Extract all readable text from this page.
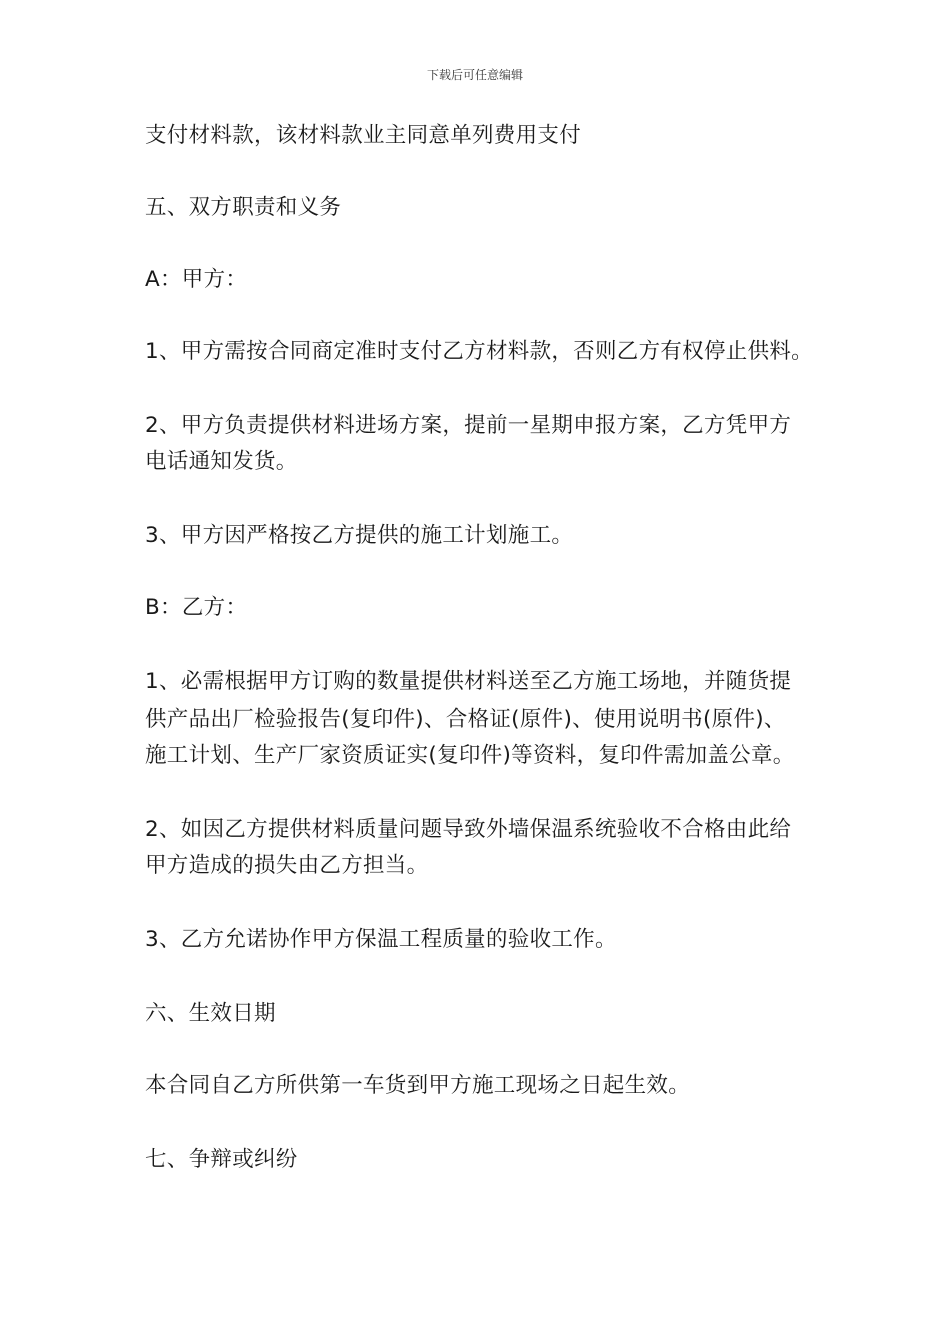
下载后可任意编辑

支付材料款，该材料款业主同意单列费用支付

五、双方职责和义务

A：甲方：

1、甲方需按合同商定准时支付乙方材料款，否则乙方有权停止供料。

2、甲方负责提供材料进场方案，提前一星期申报方案，乙方凭甲方

电话通知发货。

3、甲方因严格按乙方提供的施工计划施工。

B：乙方：

1、必需根据甲方订购的数量提供材料送至乙方施工场地，并随货提

供产品出厂检验报告(复印件)、合格证(原件)、使用说明书(原件)、

施工计划、生产厂家资质证实(复印件)等资料，复印件需加盖公章。

2、如因乙方提供材料质量问题导致外墙保温系统验收不合格由此给

甲方造成的损失由乙方担当。

3、乙方允诺协作甲方保温工程质量的验收工作。

六、生效日期

本合同自乙方所供第一车货到甲方施工现场之日起生效。

七、争辩或纠纷
